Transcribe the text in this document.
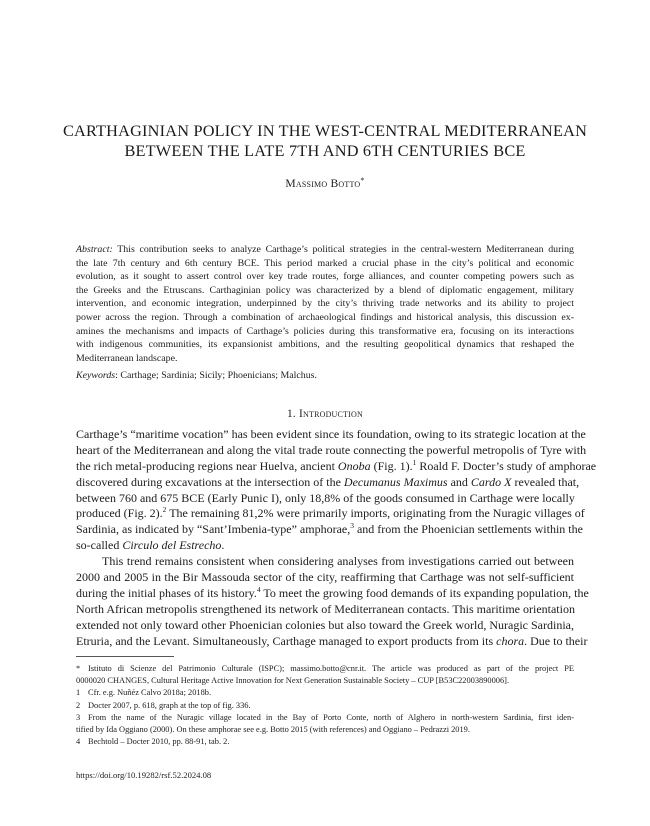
CARTHAGINIAN POLICY IN THE WEST-CENTRAL MEDITERRANEAN
BETWEEN THE LATE 7TH AND 6TH CENTURIES BCE
Massimo Botto*
Abstract: This contribution seeks to analyze Carthage’s political strategies in the central-western Mediterranean during
the late 7th century and 6th century BCE. This period marked a crucial phase in the city’s political and economic
evolution, as it sought to assert control over key trade routes, forge alliances, and counter competing powers such as
the Greeks and the Etruscans. Carthaginian policy was characterized by a blend of diplomatic engagement, military
intervention, and economic integration, underpinned by the city’s thriving trade networks and its ability to project
power across the region. Through a combination of archaeological findings and historical analysis, this discussion ex-
amines the mechanisms and impacts of Carthage’s policies during this transformative era, focusing on its interactions
with indigenous communities, its expansionist ambitions, and the resulting geopolitical dynamics that reshaped the
Mediterranean landscape.
Keywords: Carthage; Sardinia; Sicily; Phoenicians; Malchus.
1. Introduction
Carthage’s “maritime vocation” has been evident since its foundation, owing to its strategic location at the
heart of the Mediterranean and along the vital trade route connecting the powerful metropolis of Tyre with
the rich metal-producing regions near Huelva, ancient Onoba (Fig. 1).$^1$ Roald F. Docter’s study of amphorae
discovered during excavations at the intersection of the Decumanus Maximus and Cardo X revealed that,
between 760 and 675 BCE (Early Punic I), only 18,8% of the goods consumed in Carthage were locally
produced (Fig. 2).$^2$ The remaining 81,2% were primarily imports, originating from the Nuragic villages of
Sardinia, as indicated by “Sant’Imbenia-type” amphorae,$^3$ and from the Phoenician settlements within the
so-called Circulo del Estrecho.
This trend remains consistent when considering analyses from investigations carried out between
2000 and 2005 in the Bir Massouda sector of the city, reaffirming that Carthage was not self-sufficient
during the initial phases of its history.$^4$ To meet the growing food demands of its expanding population, the
North African metropolis strengthened its network of Mediterranean contacts. This maritime orientation
extended not only toward other Phoenician colonies but also toward the Greek world, Nuragic Sardinia,
Etruria, and the Levant. Simultaneously, Carthage managed to export products from its chora. Due to their
* Istituto di Scienze del Patrimonio Culturale (ISPC); massimo.botto@cnr.it. The article was produced as part of the project PE
0000020 CHANGES, Cultural Heritage Active Innovation for Next Generation Sustainable Society – CUP [B53C22003890006].
1 Cfr. e.g. Nuñéz Calvo 2018a; 2018b.
2 Docter 2007, p. 618, graph at the top of fig. 336.
3 From the name of the Nuragic village located in the Bay of Porto Conte, north of Alghero in north-western Sardinia, first iden-
tified by Ida Oggiano (2000). On these amphorae see e.g. Botto 2015 (with references) and Oggiano – Pedrazzi 2019.
4 Bechtold – Docter 2010, pp. 88-91, tab. 2.
https://doi.org/10.19282/rsf.52.2024.08
